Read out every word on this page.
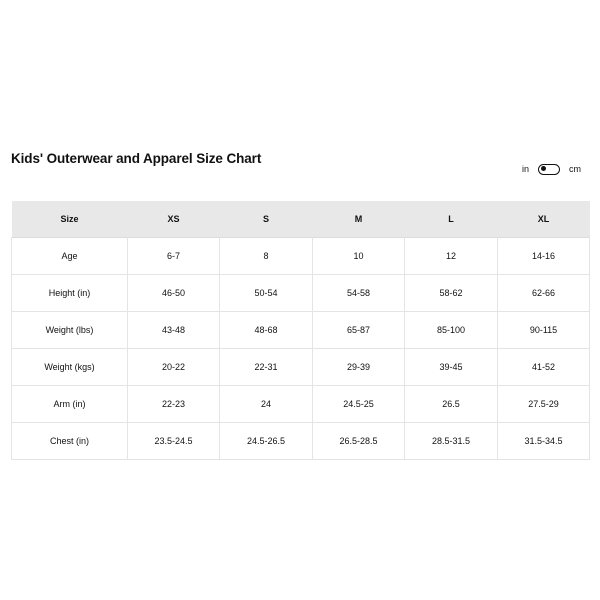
Kids' Outerwear and Apparel Size Chart
in	cm
Size	XS	S	M	L	XL
Age	6-7	8	10	12	14-16
Height (in)	46-50	50-54	54-58	58-62	62-66
Weight (lbs)	43-48	48-68	65-87	85-100	90-115
Weight (kgs)	20-22	22-31	29-39	39-45	41-52
Arm (in)	22-23	24	24.5-25	26.5	27.5-29
Chest (in)	23.5-24.5	24.5-26.5	26.5-28.5	28.5-31.5	31.5-34.5
